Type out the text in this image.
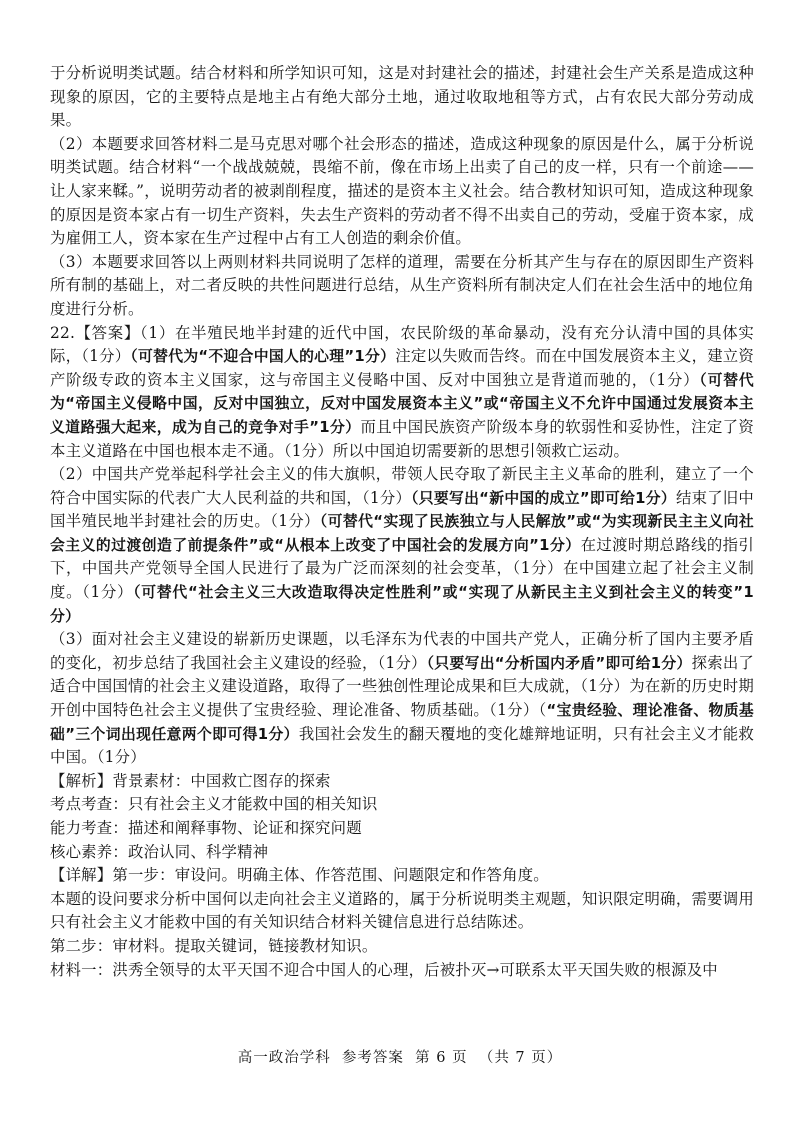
于分析说明类试题。结合材料和所学知识可知，这是对封建社会的描述，封建社会生产关系是造成这种现象的原因，它的主要特点是地主占有绝大部分土地，通过收取地租等方式，占有农民大部分劳动成果。

（2）本题要求回答材料二是马克思对哪个社会形态的描述，造成这种现象的原因是什么，属于分析说明类试题。结合材料“一个战战兢兢，畏缩不前，像在市场上出卖了自己的皮一样，只有一个前途——让人家来鞣。”，说明劳动者的被剥削程度，描述的是资本主义社会。结合教材知识可知，造成这种现象的原因是资本家占有一切生产资料，失去生产资料的劳动者不得不出卖自己的劳动，受雇于资本家，成为雇佣工人，资本家在生产过程中占有工人创造的剩余价值。

（3）本题要求回答以上两则材料共同说明了怎样的道理，需要在分析其产生与存在的原因即生产资料所有制的基础上，对二者反映的共性问题进行总结，从生产资料所有制决定人们在社会生活中的地位角度进行分析。

22.【答案】（1）在半殖民地半封建的近代中国，农民阶级的革命暴动，没有充分认清中国的具体实际，（1分）（可替代为“不迎合中国人的心理”1分）注定以失败而告终。而在中国发展资本主义，建立资产阶级专政的资本主义国家，这与帝国主义侵略中国、反对中国独立是背道而驰的，（1分）（可替代为“帝国主义侵略中国，反对中国独立，反对中国发展资本主义”或“帝国主义不允许中国通过发展资本主义道路强大起来，成为自己的竞争对手”1分）而且中国民族资产阶级本身的软弱性和妥协性，注定了资本主义道路在中国也根本走不通。（1分）所以中国迫切需要新的思想引领救亡运动。

（2）中国共产党举起科学社会主义的伟大旗帜，带领人民夺取了新民主主义革命的胜利，建立了一个符合中国实际的代表广大人民利益的共和国，（1分）（只要写出“新中国的成立”即可给1分）结束了旧中国半殖民地半封建社会的历史。（1分）（可替代“实现了民族独立与人民解放”或“为实现新民主主义向社会主义的过渡创造了前提条件”或“从根本上改变了中国社会的发展方向”1分）在过渡时期总路线的指引下，中国共产党领导全国人民进行了最为广泛而深刻的社会变革，（1分）在中国建立起了社会主义制度。（1分）（可替代“社会主义三大改造取得决定性胜利”或“实现了从新民主主义到社会主义的转变”1分）

（3）面对社会主义建设的崭新历史课题，以毛泽东为代表的中国共产党人，正确分析了国内主要矛盾的变化，初步总结了我国社会主义建设的经验，（1分）（只要写出“分析国内矛盾”即可给1分）探索出了适合中国国情的社会主义建设道路，取得了一些独创性理论成果和巨大成就，（1分）为在新的历史时期开创中国特色社会主义提供了宝贵经验、理论准备、物质基础。（1分）（“宝贵经验、理论准备、物质基础”三个词出现任意两个即可得1分）我国社会发生的翻天覆地的变化雄辩地证明，只有社会主义才能救中国。（1分）

【解析】背景素材：中国救亡图存的探索

考点考查：只有社会主义才能救中国的相关知识

能力考查：描述和阐释事物、论证和探究问题

核心素养：政治认同、科学精神

【详解】第一步：审设问。明确主体、作答范围、问题限定和作答角度。

本题的设问要求分析中国何以走向社会主义道路的，属于分析说明类主观题，知识限定明确，需要调用只有社会主义才能救中国的有关知识结合材料关键信息进行总结陈述。

第二步：审材料。提取关键词，链接教材知识。

材料一：洪秀全领导的太平天国不迎合中国人的心理，后被扑灭→可联系太平天国失败的根源及中

高一政治学科  参考答案  第 6 页  （共 7 页）
